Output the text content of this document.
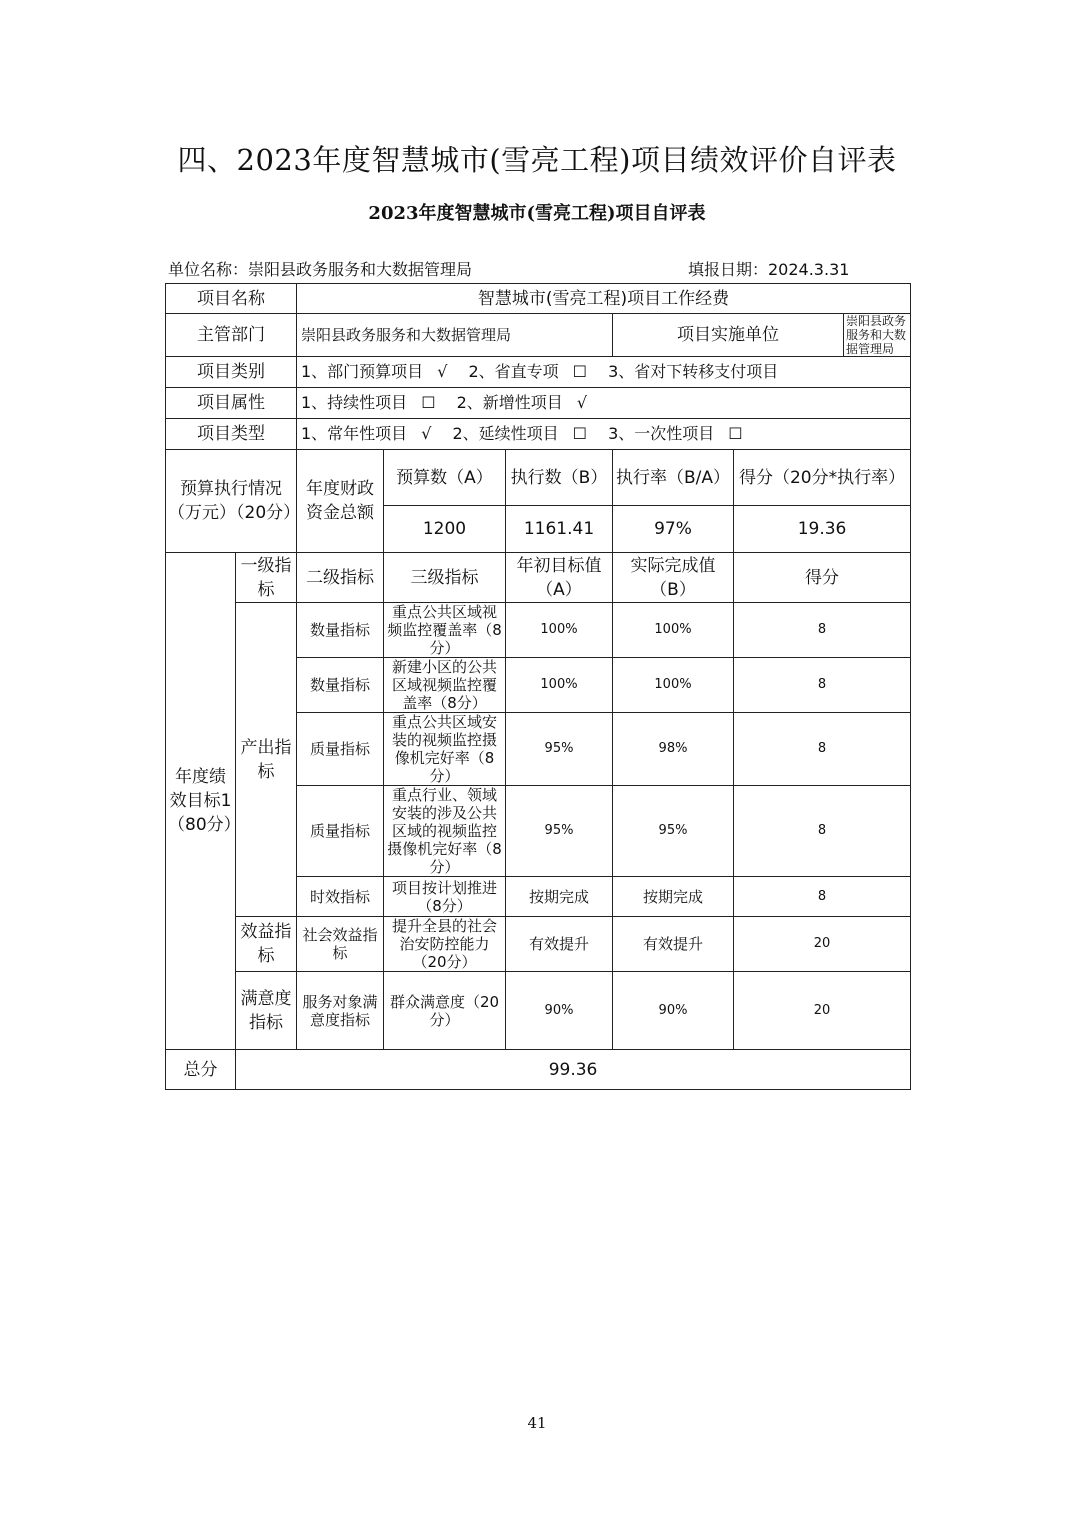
四、2023年度智慧城市(雪亮工程)项目绩效评价自评表
2023年度智慧城市(雪亮工程)项目自评表
单位名称：崇阳县政务服务和大数据管理局	填报日期：2024.3.31
项目名称		智慧城市(雪亮工程)项目工作经费					
主管部门		崇阳县政务服务和大数据管理局			项目实施单位		崇阳县政务服务和大数据管理局
项目类别		1、部门预算项目 √ 2、省直专项 ☐ 3、省对下转移支付项目					
项目属性		1、持续性项目 ☐ 2、新增性项目 √					
项目类型		1、常年性项目 √ 2、延续性项目 ☐ 3、一次性项目 ☐					
预算执行情况（万元）（20分）		年度财政资金总额	预算数（A）	执行数（B）	执行率（B/A）	得分（20分*执行率）	
			1200	1161.41	97%	19.36	
年度绩效目标1（80分）	一级指标	二级指标	三级指标	年初目标值（A）	实际完成值（B）	得分	
	产出指标	数量指标	重点公共区域视频监控覆盖率（8分）	100%	100%	8	
		数量指标	新建小区的公共区域视频监控覆盖率（8分）	100%	100%	8	
		质量指标	重点公共区域安装的视频监控摄像机完好率（8分）	95%	98%	8	
		质量指标	重点行业、领域安装的涉及公共区域的视频监控摄像机完好率（8分）	95%	95%	8	
		时效指标	项目按计划推进（8分）	按期完成	按期完成	8	
	效益指标	社会效益指标	提升全县的社会治安防控能力（20分）	有效提升	有效提升	20	
	满意度指标	服务对象满意度指标	群众满意度（20分）	90%	90%	20	
总分	99.36						
41
